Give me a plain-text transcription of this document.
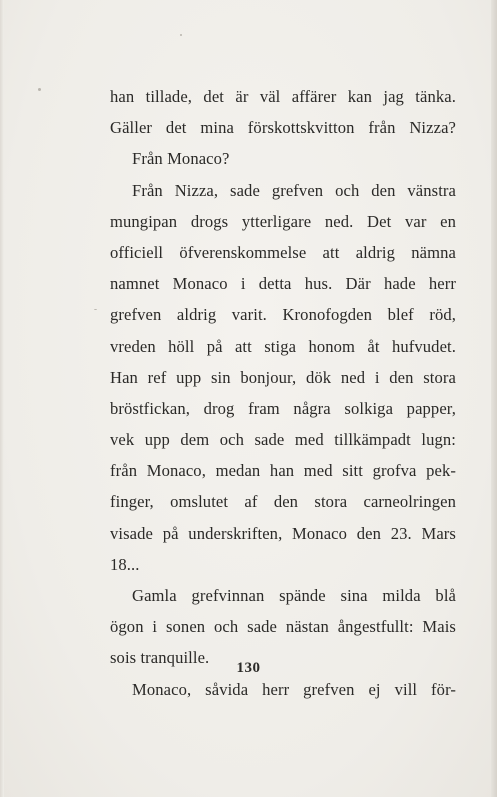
han tillade, det är väl affärer kan jag tänka.
Gäller det mina förskottskvitton från Nizza?
Från Monaco?
Från Nizza, sade grefven och den vänstra
mungipan drogs ytterligare ned. Det var en
officiell öfverenskommelse att aldrig nämna
namnet Monaco i detta hus. Där hade herr
grefven aldrig varit. Kronofogden blef röd,
vreden höll på att stiga honom åt hufvudet.
Han ref upp sin bonjour, dök ned i den stora
bröstfickan, drog fram några solkiga papper,
vek upp dem och sade med tillkämpadt lugn:
från Monaco, medan han med sitt grofva pek-
finger, omslutet af den stora carneolringen
visade på underskriften, Monaco den 23. Mars
18...
Gamla grefvinnan spände sina milda blå
ögon i sonen och sade nästan ångestfullt: Mais
sois tranquille.
Monaco, såvida herr grefven ej vill för-
130
